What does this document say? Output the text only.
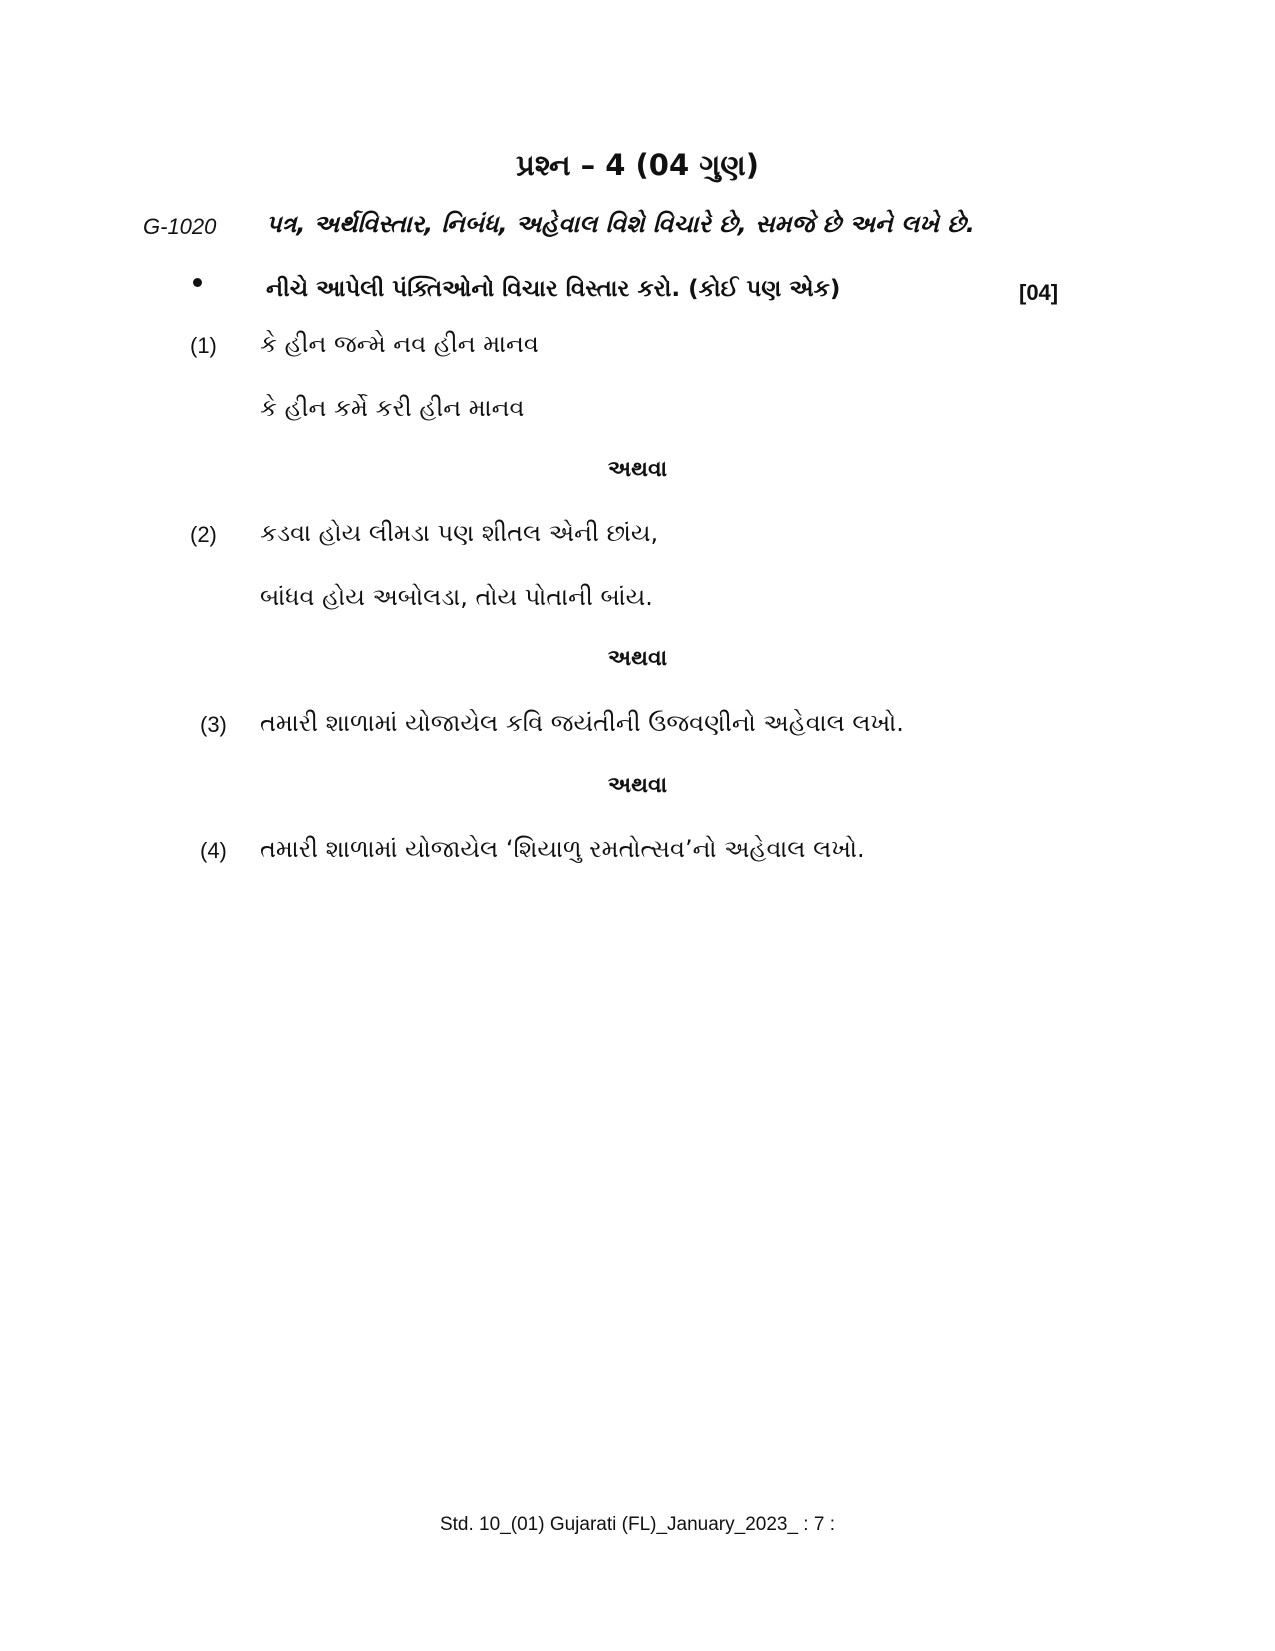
પ્રશ્ન – 4 (04 ગુણ)
G-1020 પત્ર, અર્થવિસ્તાર, નિબંધ, અહેવાલ વિશે વિચારે છે, સમજે છે અને લખે છે.
નીચે આપેલી પંક્તિઓનો વિચાર વિસ્તાર કરો. (કોઈ પણ એક)	[04]
(1) કે હીન જન્મે નવ હીન માનવ
કે હીન કર્મે કરી હીન માનવ
અથવા
(2) કડવા હોય લીમડા પણ શીતલ એની છાંય,
બાંધવ હોય અબોલડા, તોય પોતાની બાંય.
અથવા
(3) તમારી શાળામાં યોજાયેલ કવિ જયંતીની ઉજવણીનો અહેવાલ લખો.
અથવા
(4) તમારી શાળામાં યોજાયેલ ‘શિયાળુ રમતોત્સવ’નો અહેવાલ લખો.
Std. 10_(01) Gujarati (FL)_January_2023_ : 7 :
